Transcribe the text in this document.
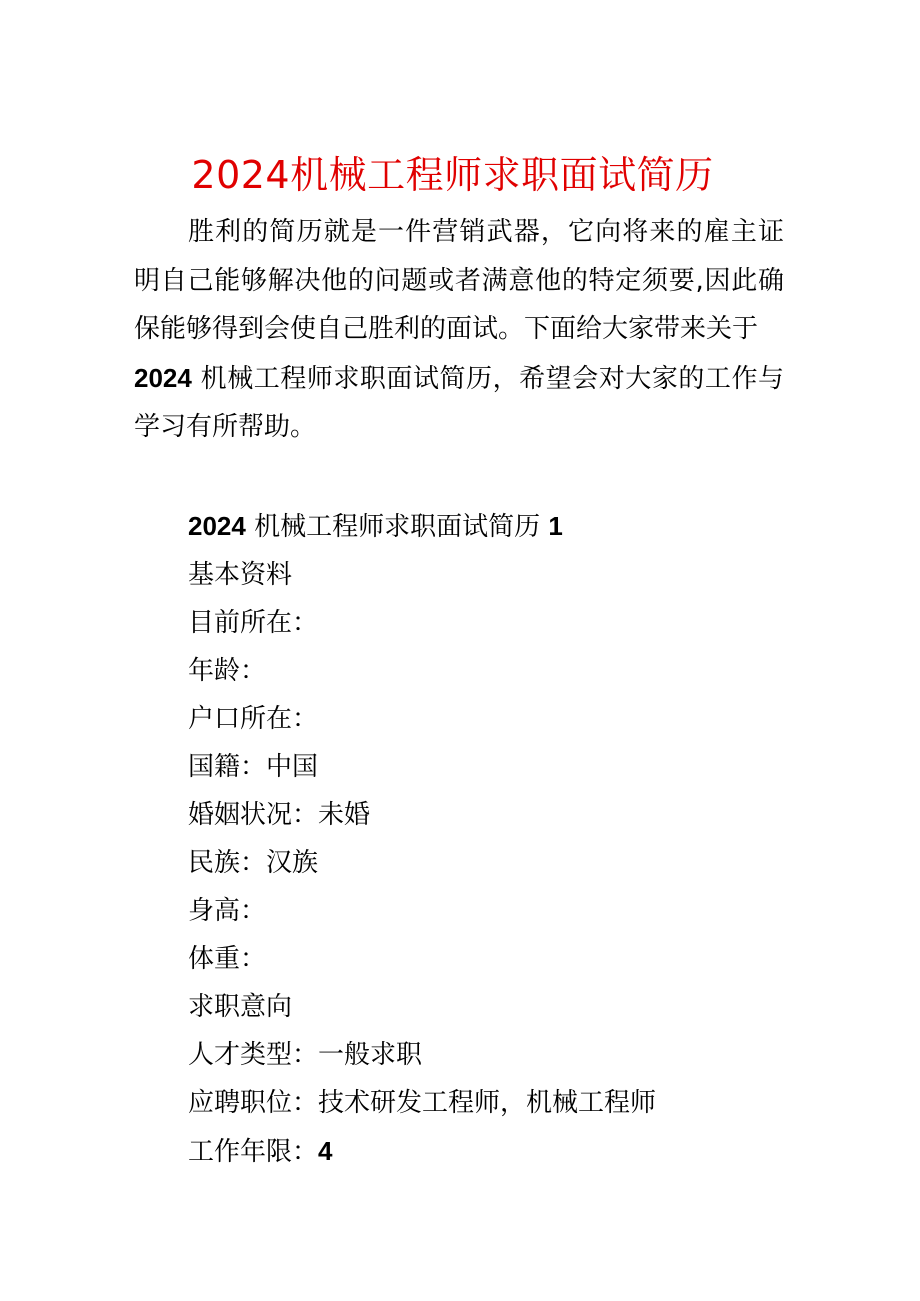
2024机械工程师求职面试简历

胜利的简历就是一件营销武器，它向将来的雇主证明自己能够解决他的问题或者满意他的特定须要,因此确保能够得到会使自己胜利的面试。下面给大家带来关于
2024 机械工程师求职面试简历，希望会对大家的工作与学习有所帮助。

2024 机械工程师求职面试简历 1
基本资料
目前所在：
年龄：
户口所在：
国籍：中国
婚姻状况：未婚
民族：汉族
身高：
体重：
求职意向
人才类型：一般求职
应聘职位：技术研发工程师，机械工程师
工作年限：4
